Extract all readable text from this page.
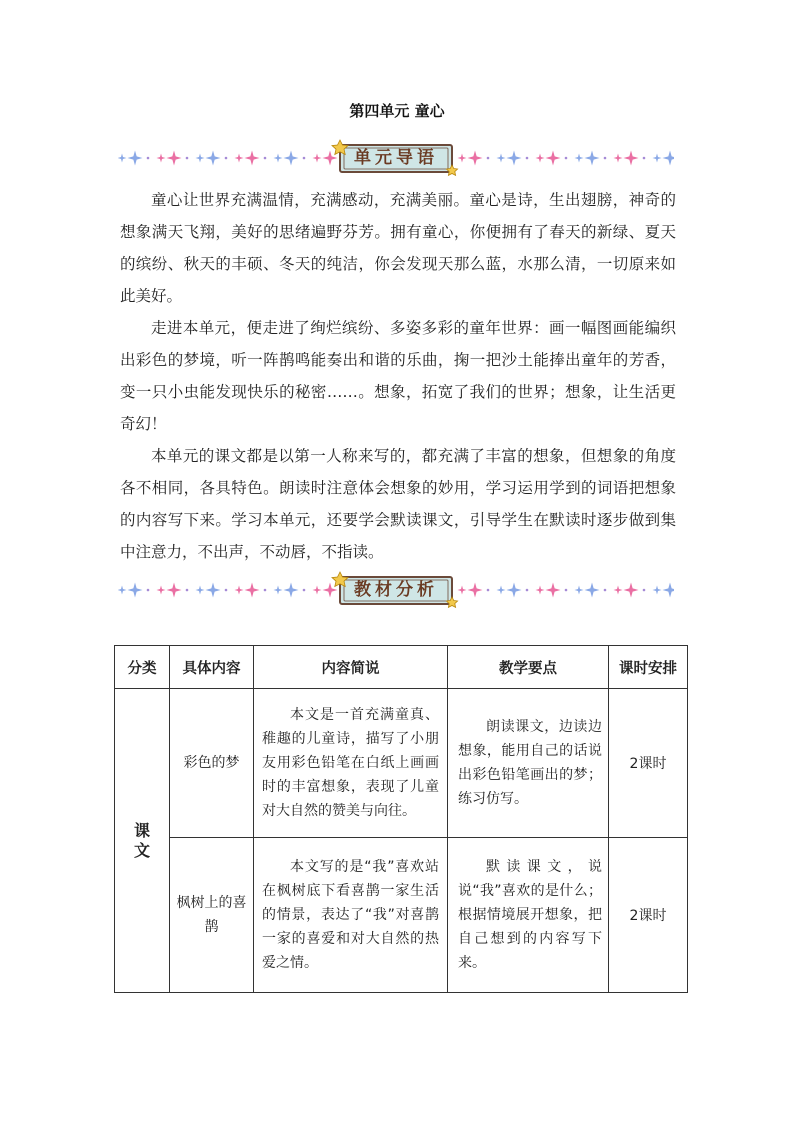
第四单元 童心
单元导语

童心让世界充满温情，充满感动，充满美丽。童心是诗，生出翅膀，神奇的想象满天飞翔，美好的思绪遍野芬芳。拥有童心，你便拥有了春天的新绿、夏天的缤纷、秋天的丰硕、冬天的纯洁，你会发现天那么蓝，水那么清，一切原来如此美好。

走进本单元，便走进了绚烂缤纷、多姿多彩的童年世界：画一幅图画能编织出彩色的梦境，听一阵鹊鸣能奏出和谐的乐曲，掬一把沙土能捧出童年的芳香，变一只小虫能发现快乐的秘密……。想象，拓宽了我们的世界；想象，让生活更奇幻！

本单元的课文都是以第一人称来写的，都充满了丰富的想象，但想象的角度各不相同，各具特色。朗读时注意体会想象的妙用，学习运用学到的词语把想象的内容写下来。学习本单元，还要学会默读课文，引导学生在默读时逐步做到集中注意力，不出声，不动唇，不指读。

教材分析
分类	具体内容	内容简说	教学要点	课时安排
课文	彩色的梦	本文是一首充满童真、稚趣的儿童诗，描写了小朋友用彩色铅笔在白纸上画画时的丰富想象，表现了儿童对大自然的赞美与向往。	朗读课文，边读边想象，能用自己的话说出彩色铅笔画出的梦；练习仿写。	2课时
	枫树上的喜鹊	本文写的是“我”喜欢站在枫树底下看喜鹊一家生活的情景，表达了“我”对喜鹊一家的喜爱和对大自然的热爱之情。	默读课文，说说“我”喜欢的是什么；根据情境展开想象，把自己想到的内容写下来。	2课时
